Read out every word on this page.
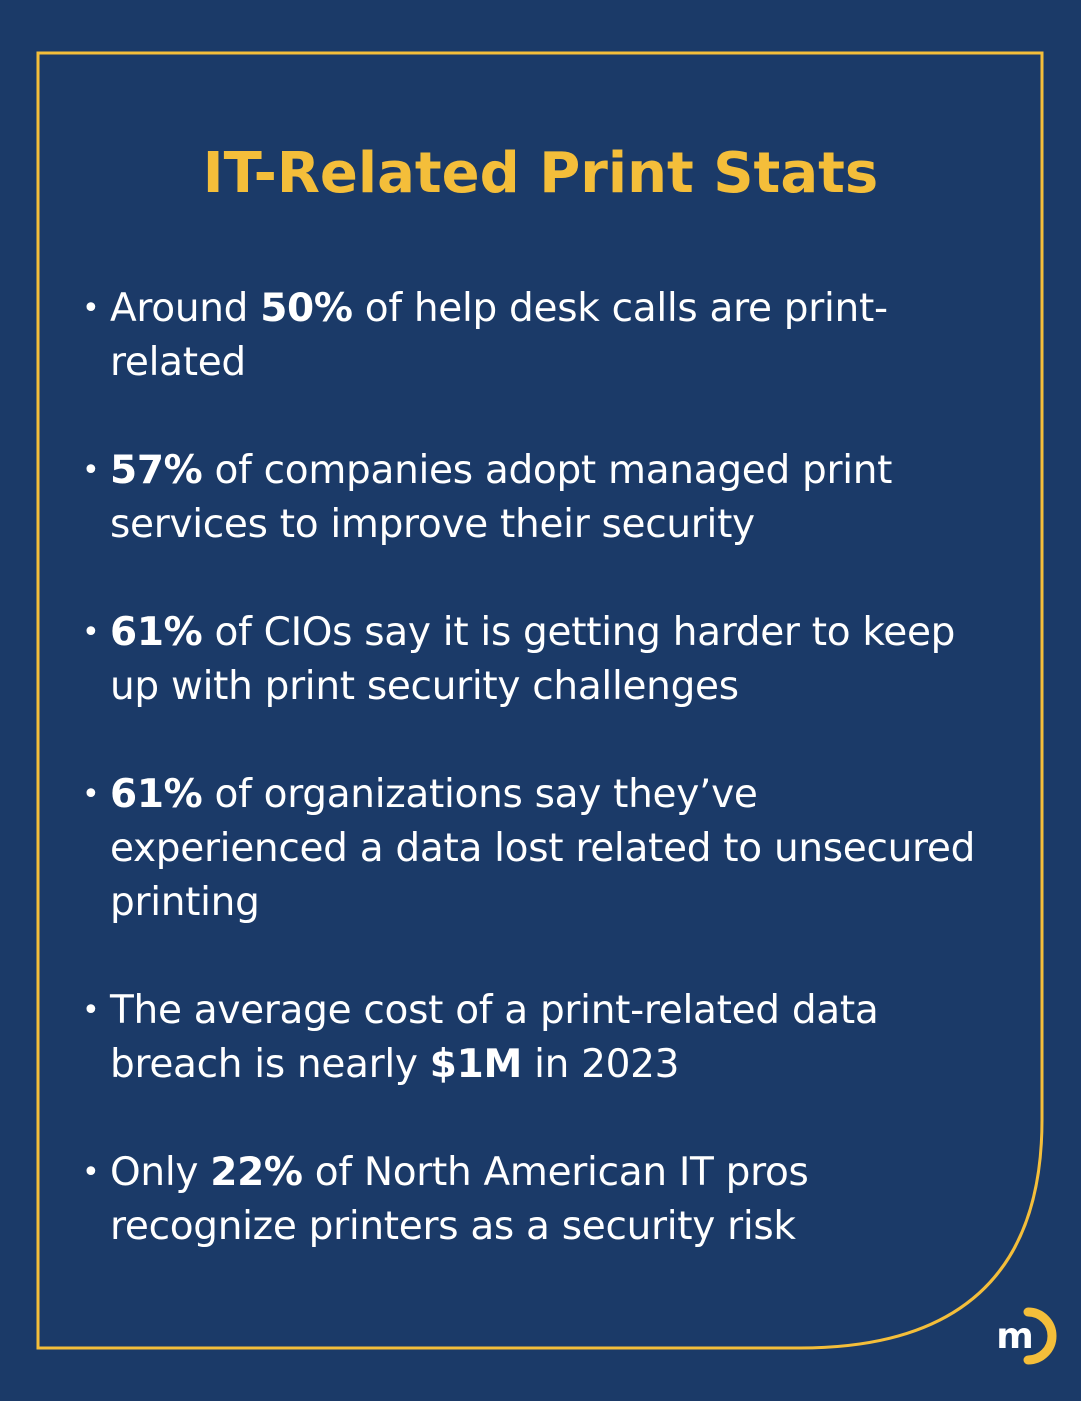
IT-Related Print Stats
• Around 50% of help desk calls are print-related
• 57% of companies adopt managed print services to improve their security
• 61% of CIOs say it is getting harder to keep up with print security challenges
• 61% of organizations say they’ve experienced a data lost related to unsecured printing
• The average cost of a print-related data breach is nearly $1M in 2023
• Only 22% of North American IT pros recognize printers as a security risk
m
